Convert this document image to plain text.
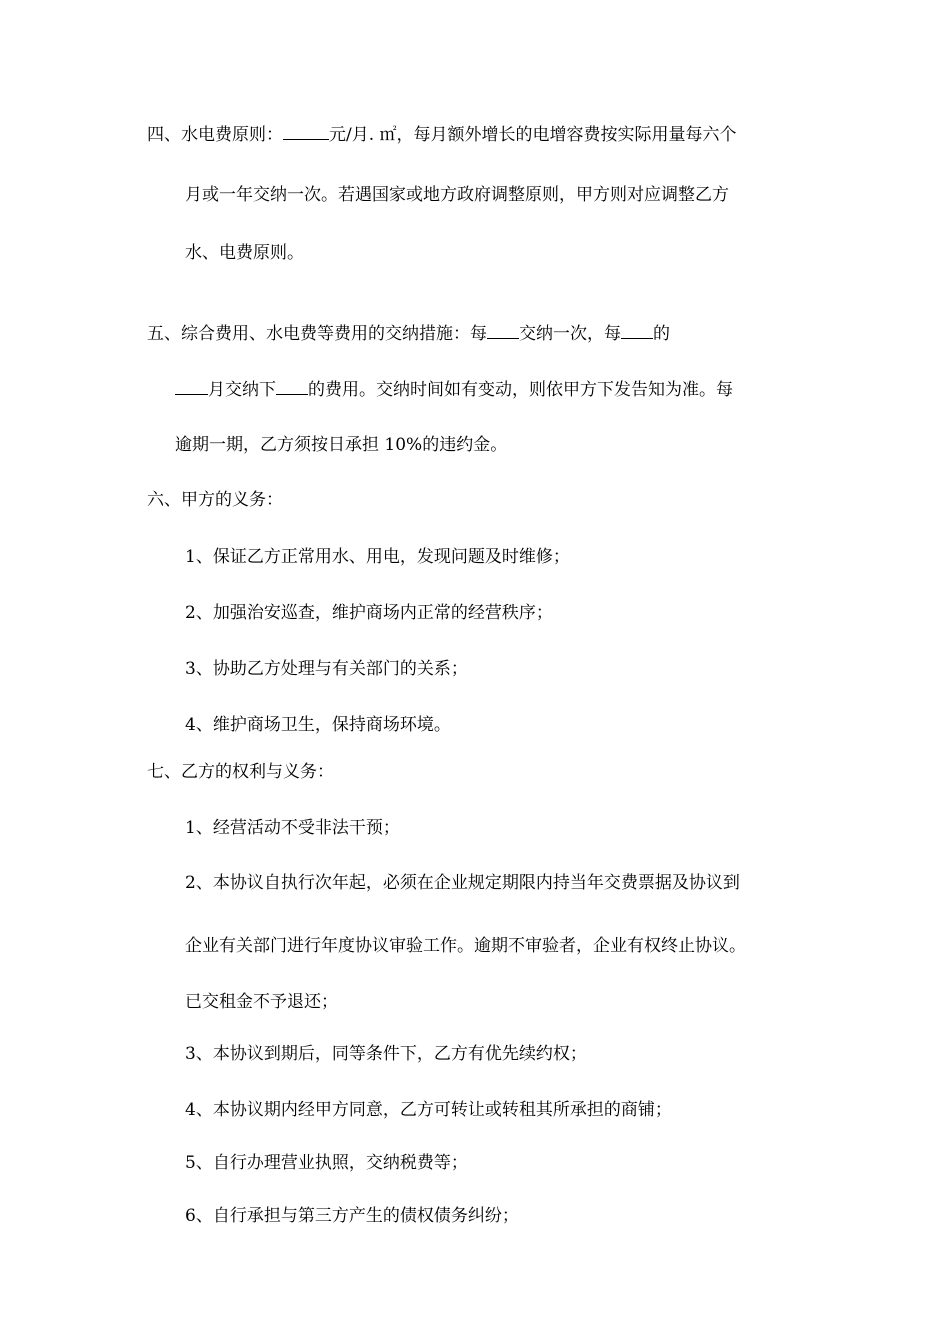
四、水电费原则：	元/月. ㎡，每月额外增长的电增容费按实际用量每六个
月或一年交纳一次。若遇国家或地方政府调整原则，甲方则对应调整乙方
水、电费原则。
五、综合费用、水电费等费用的交纳措施：每 交纳一次，每 的
月交纳下 的费用。交纳时间如有变动，则依甲方下发告知为准。每
逾期一期，乙方须按日承担 10%的违约金。
六、甲方的义务：
1、保证乙方正常用水、用电，发现问题及时维修；
2、加强治安巡查，维护商场内正常的经营秩序；
3、协助乙方处理与有关部门的关系；
4、维护商场卫生，保持商场环境。
七、乙方的权利与义务：
1、经营活动不受非法干预；
2、本协议自执行次年起，必须在企业规定期限内持当年交费票据及协议到
企业有关部门进行年度协议审验工作。逾期不审验者，企业有权终止协议。
已交租金不予退还；
3、本协议到期后，同等条件下，乙方有优先续约权；
4、本协议期内经甲方同意，乙方可转让或转租其所承担的商铺；
5、自行办理营业执照，交纳税费等；
6、自行承担与第三方产生的债权债务纠纷；
